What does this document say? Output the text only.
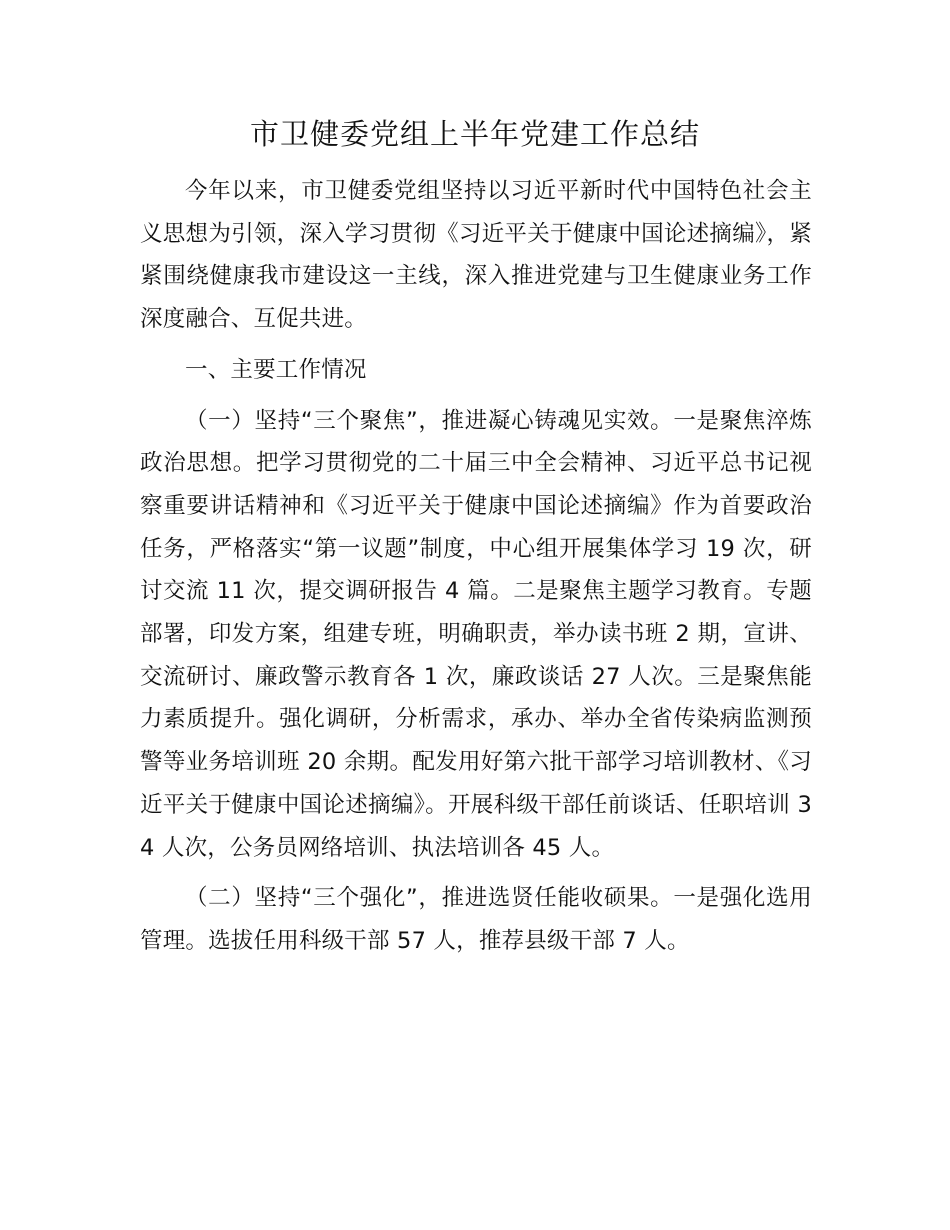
市卫健委党组上半年党建工作总结

今年以来，市卫健委党组坚持以习近平新时代中国特色社会主义思想为引领，深入学习贯彻《习近平关于健康中国论述摘编》，紧紧围绕健康我市建设这一主线，深入推进党建与卫生健康业务工作深度融合、互促共进。

一、主要工作情况

（一）坚持“三个聚焦”，推进凝心铸魂见实效。一是聚焦淬炼政治思想。把学习贯彻党的二十届三中全会精神、习近平总书记视察重要讲话精神和《习近平关于健康中国论述摘编》作为首要政治任务，严格落实“第一议题”制度，中心组开展集体学习 19 次，研讨交流 11 次，提交调研报告 4 篇。二是聚焦主题学习教育。专题部署，印发方案，组建专班，明确职责，举办读书班 2 期，宣讲、交流研讨、廉政警示教育各 1 次，廉政谈话 27 人次。三是聚焦能力素质提升。强化调研，分析需求，承办、举办全省传染病监测预警等业务培训班 20 余期。配发用好第六批干部学习培训教材、《习近平关于健康中国论述摘编》。开展科级干部任前谈话、任职培训 34 人次，公务员网络培训、执法培训各 45 人。

（二）坚持“三个强化”，推进选贤任能收硕果。一是强化选用管理。选拔任用科级干部 57 人，推荐县级干部 7 人。
